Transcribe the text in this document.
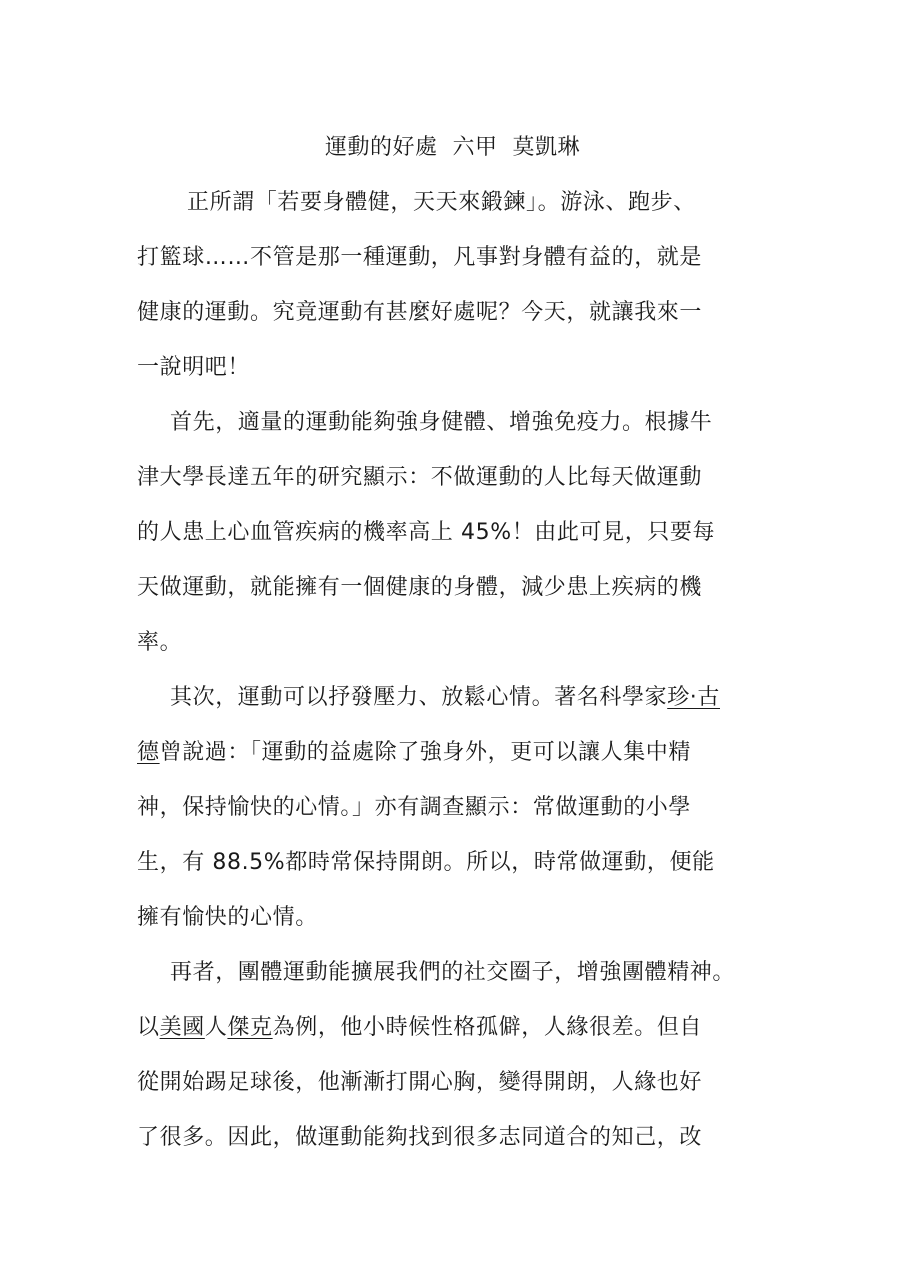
運動的好處  六甲  莫凱琳
正所謂「若要身體健，天天來鍛鍊」。游泳、跑步、
打籃球……不管是那一種運動，凡事對身體有益的，就是
健康的運動。究竟運動有甚麼好處呢？今天，就讓我來一
一說明吧！
首先，適量的運動能夠強身健體、增強免疫力。根據牛
津大學長達五年的研究顯示：不做運動的人比每天做運動
的人患上心血管疾病的機率高上 45%！由此可見，只要每
天做運動，就能擁有一個健康的身體，減少患上疾病的機
率。
其次，運動可以抒發壓力、放鬆心情。著名科學家珍·古
德曾說過：「運動的益處除了強身外，更可以讓人集中精
神，保持愉快的心情。」亦有調查顯示：常做運動的小學
生，有 88.5%都時常保持開朗。所以，時常做運動，便能
擁有愉快的心情。
再者，團體運動能擴展我們的社交圈子，增強團體精神。
以美國人傑克為例，他小時候性格孤僻，人緣很差。但自
從開始踢足球後，他漸漸打開心胸，變得開朗，人緣也好
了很多。因此，做運動能夠找到很多志同道合的知己，改
